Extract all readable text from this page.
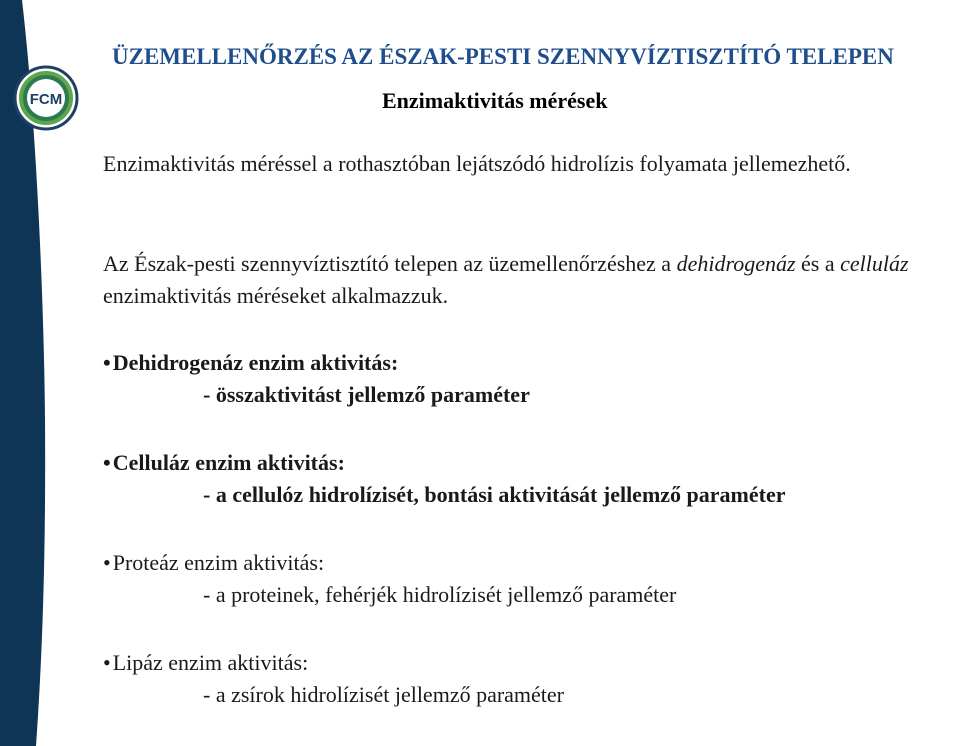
FCM
ÜZEMELLENŐRZÉS AZ ÉSZAK-PESTI SZENNYVÍZTISZTÍTÓ TELEPEN
Enzimaktivitás mérések
Enzimaktivitás méréssel a rothasztóban lejátszódó hidrolízis folyamata jellemezhető.
Az Észak-pesti szennyvíztisztító telepen az üzemellenőrzéshez a dehidrogenáz és a celluláz enzimaktivitás méréseket alkalmazzuk.
•Dehidrogenáz enzim aktivitás:
- összaktivitást jellemző paraméter
•Celluláz enzim aktivitás:
- a cellulóz hidrolízisét, bontási aktivitását jellemző paraméter
•Proteáz enzim aktivitás:
- a proteinek, fehérjék hidrolízisét jellemző paraméter
•Lipáz enzim aktivitás:
- a zsírok hidrolízisét jellemző paraméter
